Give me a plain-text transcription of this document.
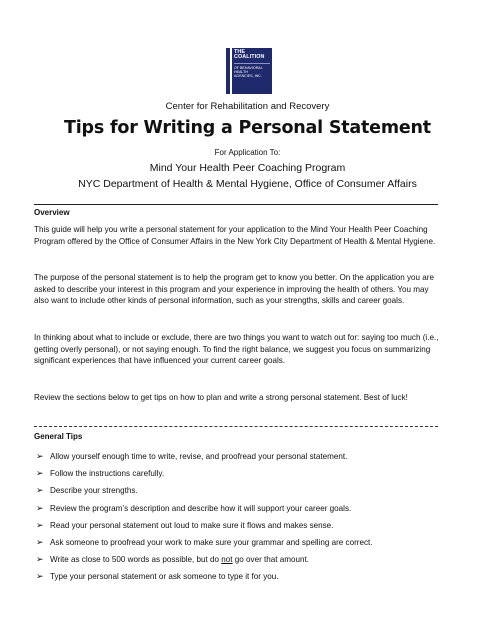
THE
COALITION
OF BEHAVIORAL
HEALTH
AGENCIES, INC.
Center for Rehabilitation and Recovery
Tips for Writing a Personal Statement
For Application To:
Mind Your Health Peer Coaching Program
NYC Department of Health & Mental Hygiene, Office of Consumer Affairs
Overview

This guide will help you write a personal statement for your application to the Mind Your Health Peer Coaching Program offered by the Office of Consumer Affairs in the New York City Department of Health & Mental Hygiene.

The purpose of the personal statement is to help the program get to know you better. On the application you are asked to describe your interest in this program and your experience in improving the health of others. You may also want to include other kinds of personal information, such as your strengths, skills and career goals.

In thinking about what to include or exclude, there are two things you want to watch out for: saying too much (i.e., getting overly personal), or not saying enough. To find the right balance, we suggest you focus on summarizing significant experiences that have influenced your current career goals.

Review the sections below to get tips on how to plan and write a strong personal statement. Best of luck!

General Tips
➢ Allow yourself enough time to write, revise, and proofread your personal statement.
➢ Follow the instructions carefully.
➢ Describe your strengths.
➢ Review the program’s description and describe how it will support your career goals.
➢ Read your personal statement out loud to make sure it flows and makes sense.
➢ Ask someone to proofread your work to make sure your grammar and spelling are correct.
➢ Write as close to 500 words as possible, but do not go over that amount.
➢ Type your personal statement or ask someone to type it for you.
